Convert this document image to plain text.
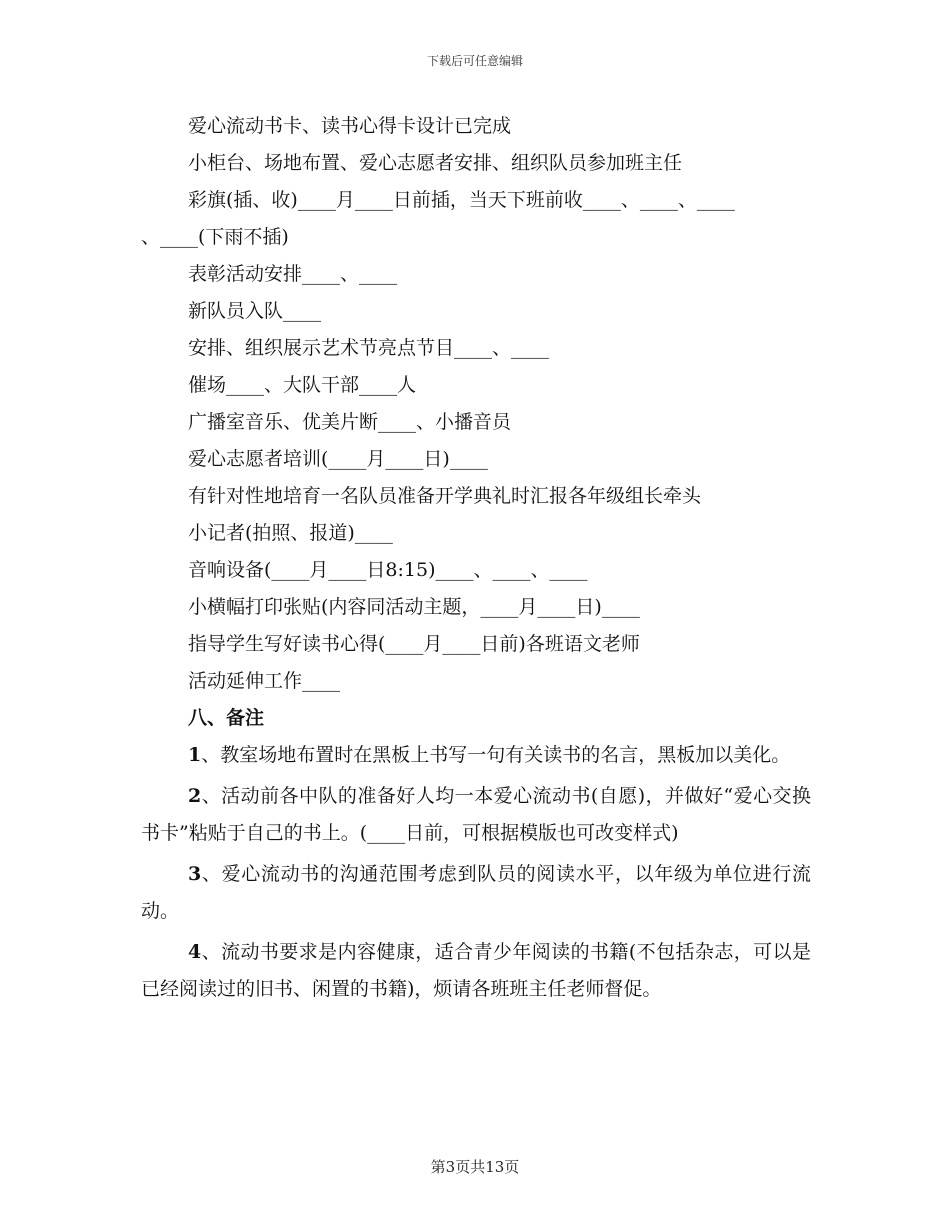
下载后可任意编辑
爱心流动书卡、读书心得卡设计已完成
小柜台、场地布置、爱心志愿者安排、组织队员参加班主任
彩旗(插、收)____月____日前插，当天下班前收____、____、____
、____(下雨不插)
表彰活动安排____、____
新队员入队____
安排、组织展示艺术节亮点节目____、____
催场____、大队干部____人
广播室音乐、优美片断____、小播音员
爱心志愿者培训(____月____日)____
有针对性地培育一名队员准备开学典礼时汇报各年级组长牵头
小记者(拍照、报道)____
音响设备(____月____日8:15)____、____、____
小横幅打印张贴(内容同活动主题，____月____日)____
指导学生写好读书心得(____月____日前)各班语文老师
活动延伸工作____
八、备注

1、教室场地布置时在黑板上书写一句有关读书的名言，黑板加以美化。

2、活动前各中队的准备好人均一本爱心流动书(自愿)，并做好“爱心交换书卡”粘贴于自己的书上。(____日前，可根据模版也可改变样式)

3、爱心流动书的沟通范围考虑到队员的阅读水平，以年级为单位进行流动。

4、流动书要求是内容健康，适合青少年阅读的书籍(不包括杂志，可以是已经阅读过的旧书、闲置的书籍)，烦请各班班主任老师督促。

第3页共13页
